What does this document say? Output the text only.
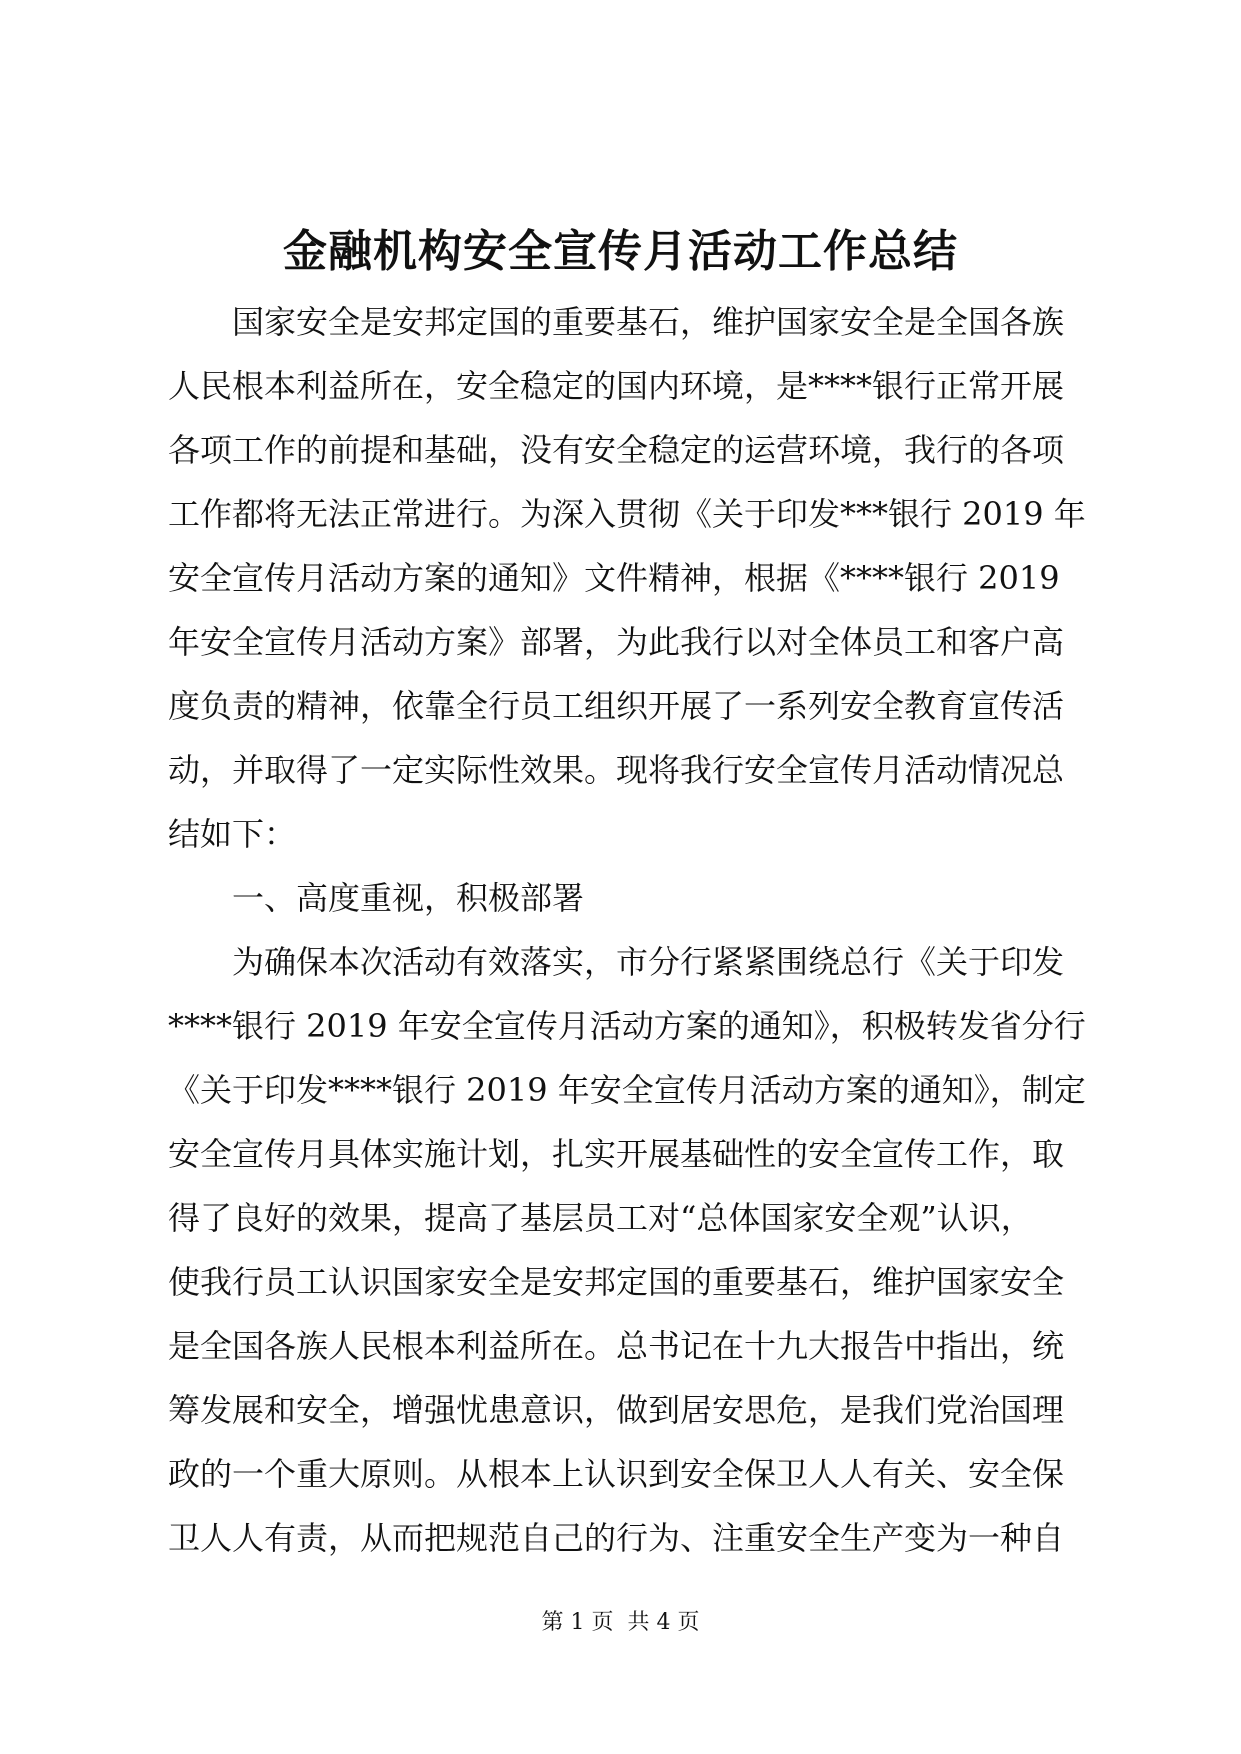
金融机构安全宣传月活动工作总结
国家安全是安邦定国的重要基石，维护国家安全是全国各族
人民根本利益所在，安全稳定的国内环境，是****银行正常开展
各项工作的前提和基础，没有安全稳定的运营环境，我行的各项
工作都将无法正常进行。为深入贯彻《关于印发***银行 2019 年
安全宣传月活动方案的通知》文件精神，根据《****银行 2019
年安全宣传月活动方案》部署，为此我行以对全体员工和客户高
度负责的精神，依靠全行员工组织开展了一系列安全教育宣传活
动，并取得了一定实际性效果。现将我行安全宣传月活动情况总
结如下：
一、高度重视，积极部署
为确保本次活动有效落实，市分行紧紧围绕总行《关于印发
****银行 2019 年安全宣传月活动方案的通知》，积极转发省分行
《关于印发****银行 2019 年安全宣传月活动方案的通知》，制定
安全宣传月具体实施计划，扎实开展基础性的安全宣传工作，取
得了良好的效果，提高了基层员工对“总体国家安全观”认识，
使我行员工认识国家安全是安邦定国的重要基石，维护国家安全
是全国各族人民根本利益所在。总书记在十九大报告中指出，统
筹发展和安全，增强忧患意识，做到居安思危，是我们党治国理
政的一个重大原则。从根本上认识到安全保卫人人有关、安全保
卫人人有责，从而把规范自己的行为、注重安全生产变为一种自
第 1 页  共 4 页
